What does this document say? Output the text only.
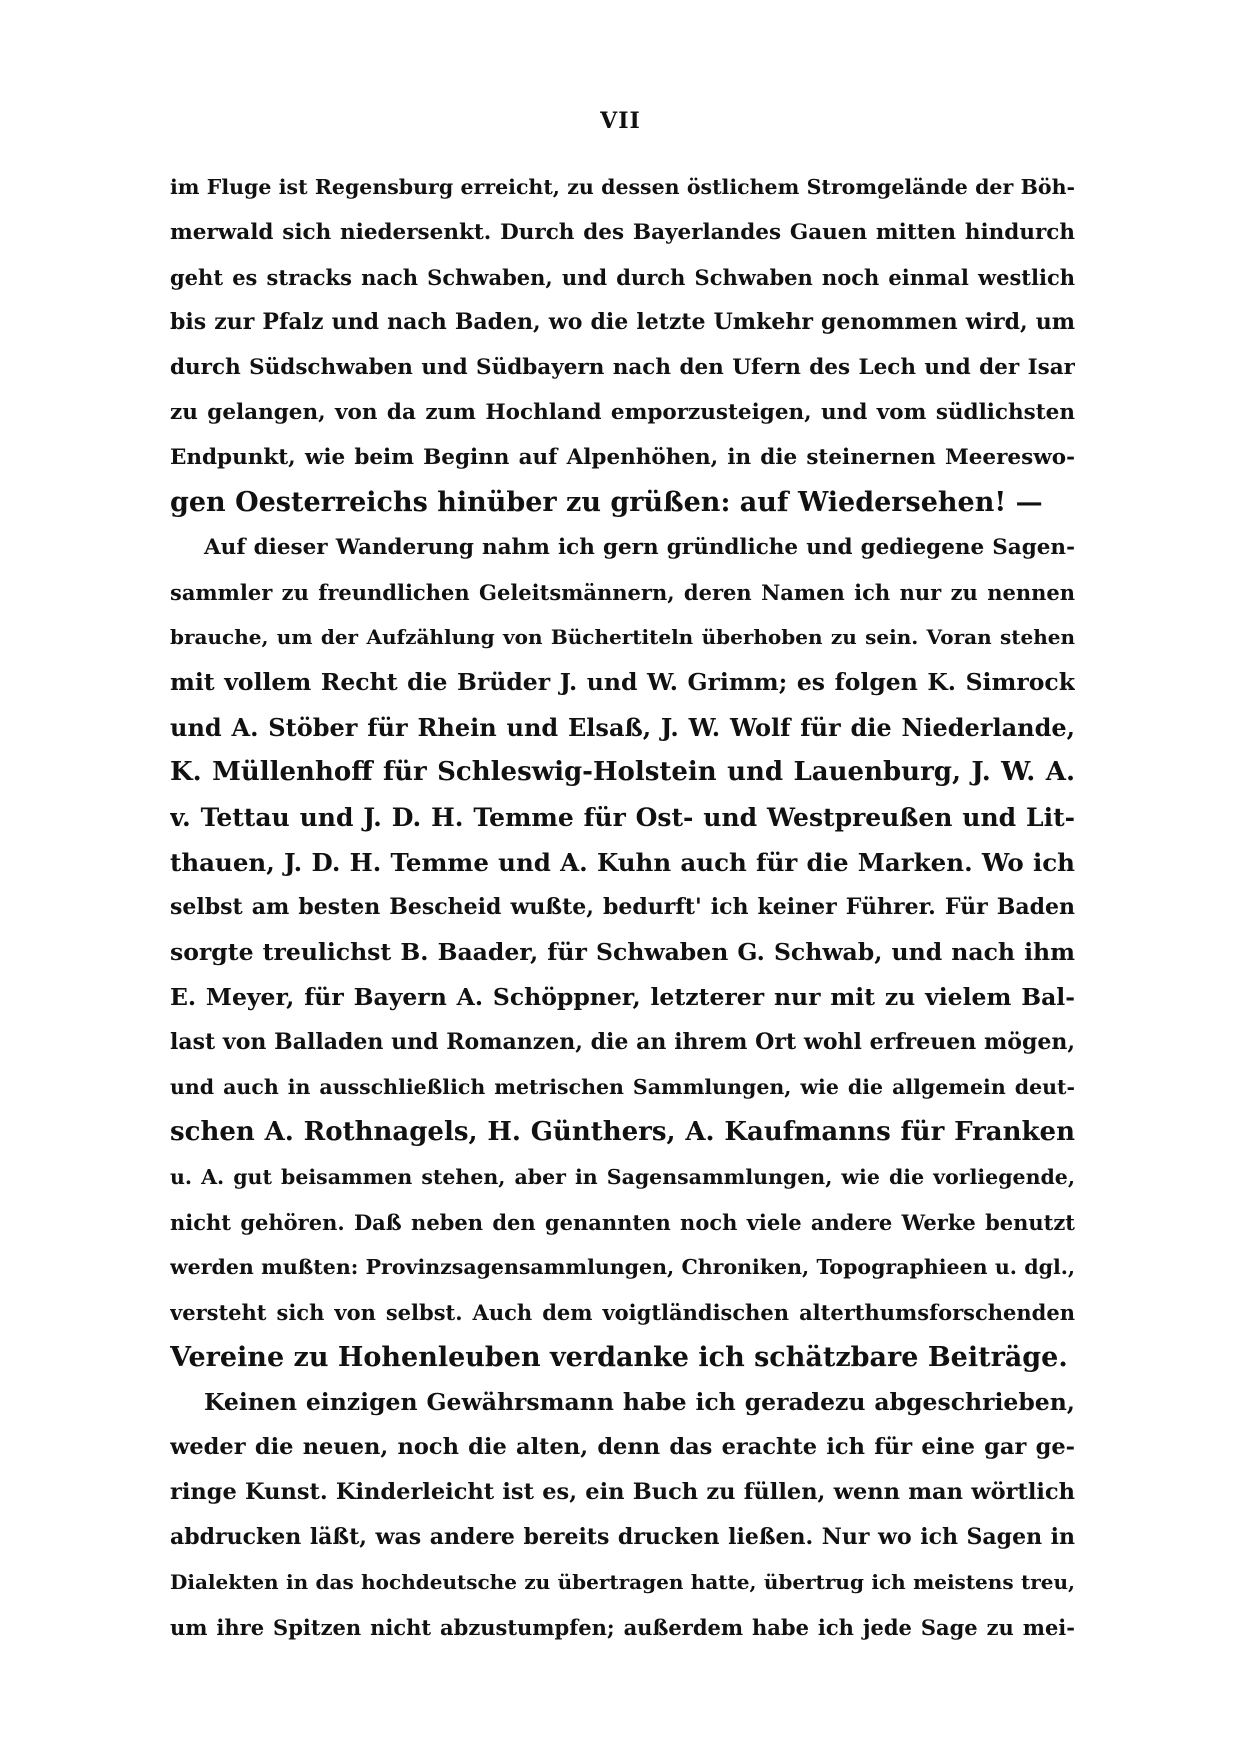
VII
im Fluge ist Regensburg erreicht, zu dessen östlichem Stromgelände der Böh-
merwald sich niedersenkt. Durch des Bayerlandes Gauen mitten hindurch
geht es stracks nach Schwaben, und durch Schwaben noch einmal westlich
bis zur Pfalz und nach Baden, wo die letzte Umkehr genommen wird, um
durch Südschwaben und Südbayern nach den Ufern des Lech und der Isar
zu gelangen, von da zum Hochland emporzusteigen, und vom südlichsten
Endpunkt, wie beim Beginn auf Alpenhöhen, in die steinernen Meereswo-
gen Oesterreichs hinüber zu grüßen: auf Wiedersehen! —
Auf dieser Wanderung nahm ich gern gründliche und gediegene Sagen-
sammler zu freundlichen Geleitsmännern, deren Namen ich nur zu nennen
brauche, um der Aufzählung von Büchertiteln überhoben zu sein. Voran stehen
mit vollem Recht die Brüder J. und W. Grimm; es folgen K. Simrock
und A. Stöber für Rhein und Elsaß, J. W. Wolf für die Niederlande,
K. Müllenhoff für Schleswig-Holstein und Lauenburg, J. W. A.
v. Tettau und J. D. H. Temme für Ost- und Westpreußen und Lit-
thauen, J. D. H. Temme und A. Kuhn auch für die Marken. Wo ich
selbst am besten Bescheid wußte, bedurft' ich keiner Führer. Für Baden
sorgte treulichst B. Baader, für Schwaben G. Schwab, und nach ihm
E. Meyer, für Bayern A. Schöppner, letzterer nur mit zu vielem Bal-
last von Balladen und Romanzen, die an ihrem Ort wohl erfreuen mögen,
und auch in ausschließlich metrischen Sammlungen, wie die allgemein deut-
schen A. Rothnagels, H. Günthers, A. Kaufmanns für Franken
u. A. gut beisammen stehen, aber in Sagensammlungen, wie die vorliegende,
nicht gehören. Daß neben den genannten noch viele andere Werke benutzt
werden mußten: Provinzsagensammlungen, Chroniken, Topographieen u. dgl.,
versteht sich von selbst. Auch dem voigtländischen alterthumsforschenden
Vereine zu Hohenleuben verdanke ich schätzbare Beiträge.
Keinen einzigen Gewährsmann habe ich geradezu abgeschrieben,
weder die neuen, noch die alten, denn das erachte ich für eine gar ge-
ringe Kunst. Kinderleicht ist es, ein Buch zu füllen, wenn man wörtlich
abdrucken läßt, was andere bereits drucken ließen. Nur wo ich Sagen in
Dialekten in das hochdeutsche zu übertragen hatte, übertrug ich meistens treu,
um ihre Spitzen nicht abzustumpfen; außerdem habe ich jede Sage zu mei-
